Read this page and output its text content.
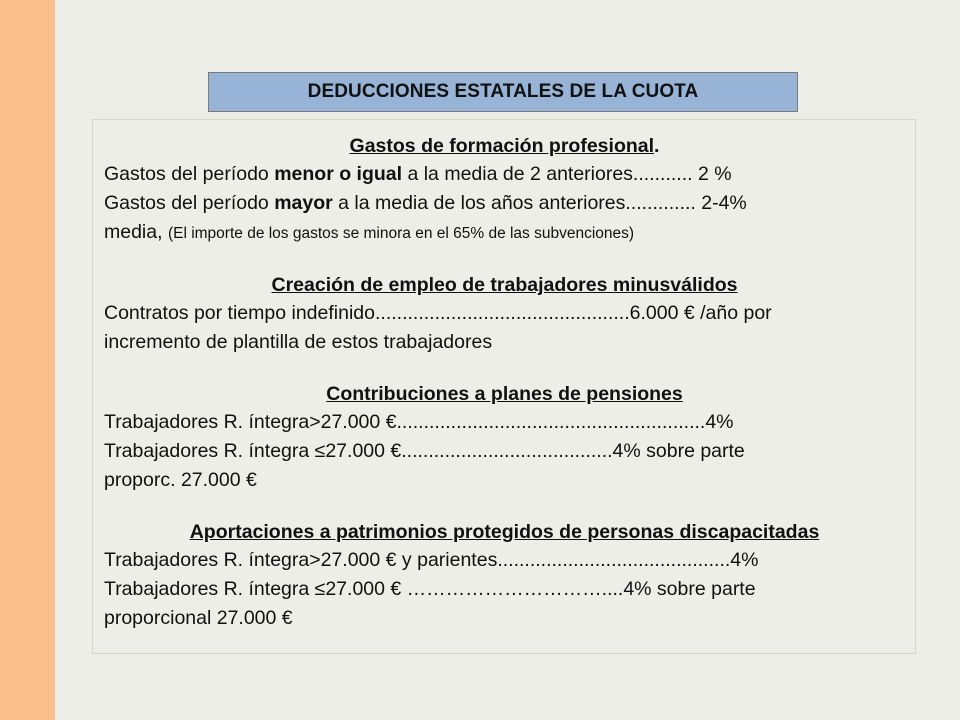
DEDUCCIONES ESTATALES DE LA CUOTA
Gastos de formación profesional.
Gastos del período menor o igual a la media de 2 anteriores........... 2 %
Gastos del período mayor a la media de los años anteriores............. 2-4%
media, (El importe de los gastos se minora en el 65% de las subvenciones)
Creación de empleo de trabajadores minusválidos
Contratos por tiempo indefinido...............................................6.000 € /año por
incremento de plantilla de estos trabajadores
Contribuciones a planes de pensiones
Trabajadores R. íntegra>27.000 €.........................................................4%
Trabajadores R. íntegra ≤27.000 €.......................................4% sobre parte
proporc. 27.000 €
Aportaciones a patrimonios protegidos de personas discapacitadas
Trabajadores R. íntegra>27.000 € y parientes...........................................4%
Trabajadores R. íntegra ≤27.000 € …………………………....4% sobre parte
proporcional 27.000 €
